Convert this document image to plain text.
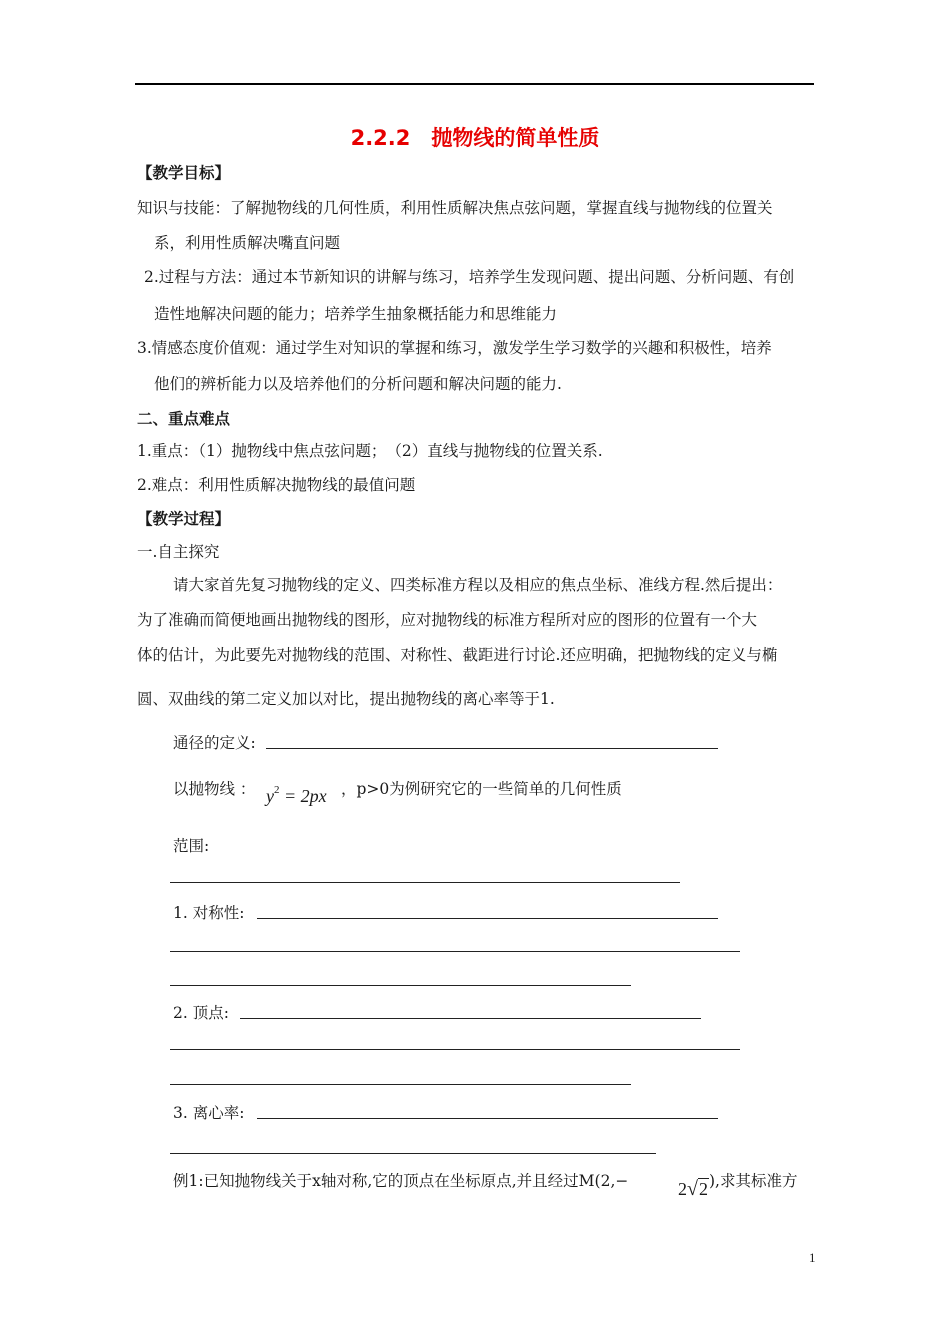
2.2.2　抛物线的简单性质
【教学目标】
知识与技能：了解抛物线的几何性质，利用性质解决焦点弦问题，掌握直线与抛物线的位置关
系，利用性质解决嘴直问题
2.过程与方法：通过本节新知识的讲解与练习，培养学生发现问题、提出问题、分析问题、有创
造性地解决问题的能力；培养学生抽象概括能力和思维能力
3.情感态度价值观：通过学生对知识的掌握和练习，激发学生学习数学的兴趣和积极性，培养
他们的辨析能力以及培养他们的分析问题和解决问题的能力.
二、重点难点
1.重点：（1）抛物线中焦点弦问题；　（2）直线与抛物线的位置关系.
2.难点：利用性质解决抛物线的最值问题
【教学过程】
一.自主探究
请大家首先复习抛物线的定义、四类标准方程以及相应的焦点坐标、准线方程.然后提出：
为了准确而简便地画出抛物线的图形，应对抛物线的标准方程所对应的图形的位置有一个大
体的估计，为此要先对抛物线的范围、对称性、截距进行讨论.还应明确，把抛物线的定义与椭
圆、双曲线的第二定义加以对比，提出抛物线的离心率等于1.
通径的定义:
以抛物线 ： $y^2 = 2px$ ，p>0为例研究它的一些简单的几何性质
范围:
1. 对称性:
2. 顶点:
3. 离心率:
例1:已知抛物线关于x轴对称,它的顶点在坐标原点,并且经过M(2,−	2√2 ),求其标准方
1
